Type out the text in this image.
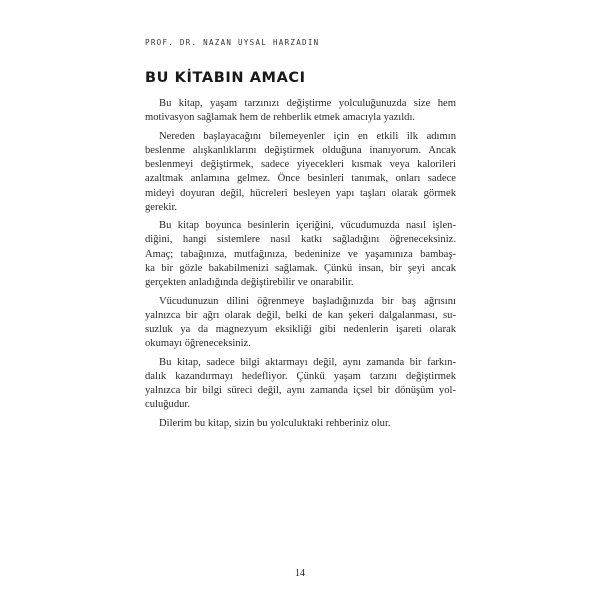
PROF. DR. NAZAN UYSAL HARZADIN
BU KİTABIN AMACI
Bu kitap, yaşam tarzınızı değiştirme yolculuğunuzda size hem
motivasyon sağlamak hem de rehberlik etmek amacıyla yazıldı.
Nereden başlayacağını bilemeyenler için en etkili ilk adımın
beslenme alışkanlıklarını değiştirmek olduğuna inanıyorum. Ancak
beslenmeyi değiştirmek, sadece yiyecekleri kısmak veya kalorileri
azaltmak anlamına gelmez. Önce besinleri tanımak, onları sadece
mideyi doyuran değil, hücreleri besleyen yapı taşları olarak görmek
gerekir.
Bu kitap boyunca besinlerin içeriğini, vücudumuzda nasıl işlen-
diğini, hangi sistemlere nasıl katkı sağladığını öğreneceksiniz.
Amaç; tabağınıza, mutfağınıza, bedeninize ve yaşamınıza bambaş-
ka bir gözle bakabilmenizi sağlamak. Çünkü insan, bir şeyi ancak
gerçekten anladığında değiştirebilir ve onarabilir.
Vücudunuzun dilini öğrenmeye başladığınızda bir baş ağrısını
yalnızca bir ağrı olarak değil, belki de kan şekeri dalgalanması, su-
suzluk ya da magnezyum eksikliği gibi nedenlerin işareti olarak
okumayı öğreneceksiniz.
Bu kitap, sadece bilgi aktarmayı değil, aynı zamanda bir farkın-
dalık kazandırmayı hedefliyor. Çünkü yaşam tarzını değiştirmek
yalnızca bir bilgi süreci değil, aynı zamanda içsel bir dönüşüm yol-
culuğudur.
Dilerim bu kitap, sizin bu yolculuktaki rehberiniz olur.
14
